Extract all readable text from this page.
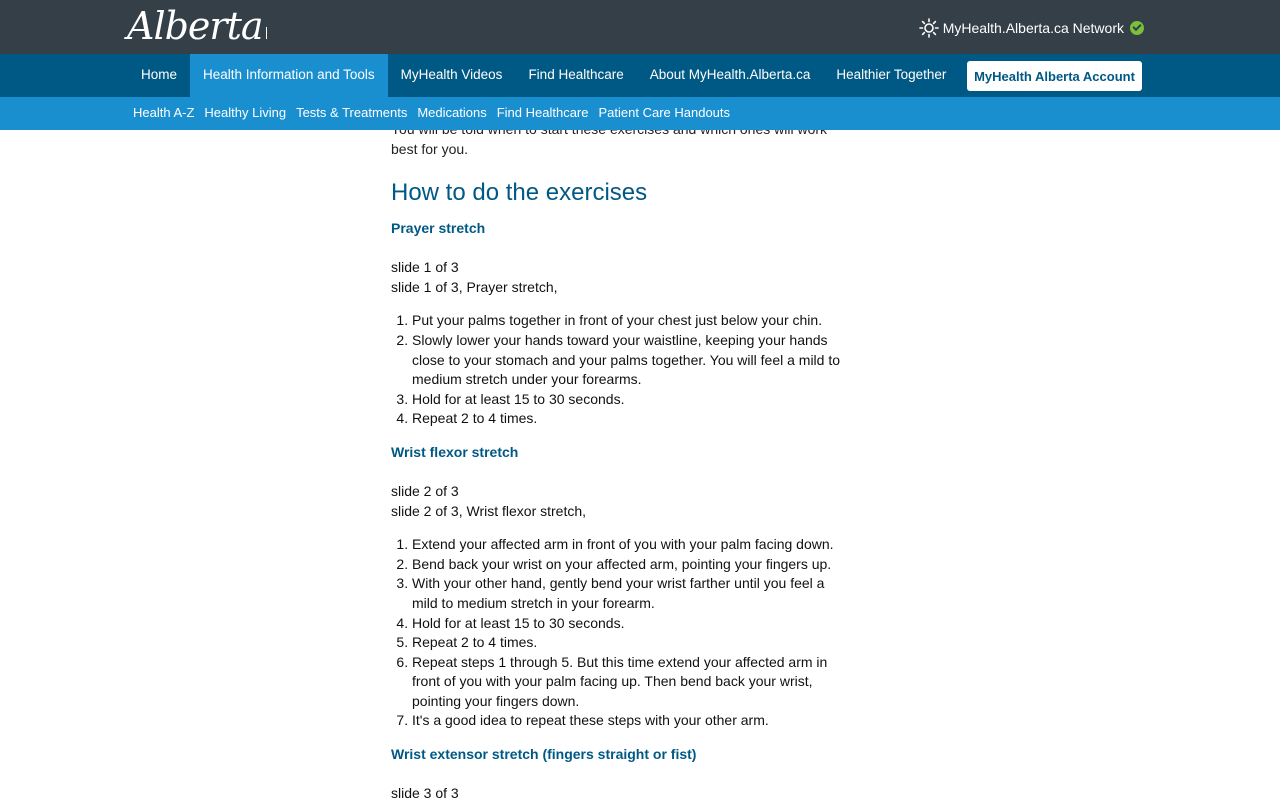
Alberta	MyHealth.Alberta.ca Network
Home	Health Information and Tools	MyHealth Videos	Find Healthcare	About MyHealth.Alberta.ca	Healthier Together	MyHealth Alberta Account
Health A-Z Healthy Living Tests & Treatments Medications Find Healthcare Patient Care Handouts

best for you.

How to do the exercises
Prayer stretch
slide 1 of 3
slide 1 of 3, Prayer stretch,
1. Put your palms together in front of your chest just below your chin.
2. Slowly lower your hands toward your waistline, keeping your hands close to your stomach and your palms together. You will feel a mild to medium stretch under your forearms.
3. Hold for at least 15 to 30 seconds.
4. Repeat 2 to 4 times.
Wrist flexor stretch
slide 2 of 3
slide 2 of 3, Wrist flexor stretch,
1. Extend your affected arm in front of you with your palm facing down.
2. Bend back your wrist on your affected arm, pointing your fingers up.
3. With your other hand, gently bend your wrist farther until you feel a mild to medium stretch in your forearm.
4. Hold for at least 15 to 30 seconds.
5. Repeat 2 to 4 times.
6. Repeat steps 1 through 5. But this time extend your affected arm in front of you with your palm facing up. Then bend back your wrist, pointing your fingers down.
7. It's a good idea to repeat these steps with your other arm.
Wrist extensor stretch (fingers straight or fist)
slide 3 of 3
